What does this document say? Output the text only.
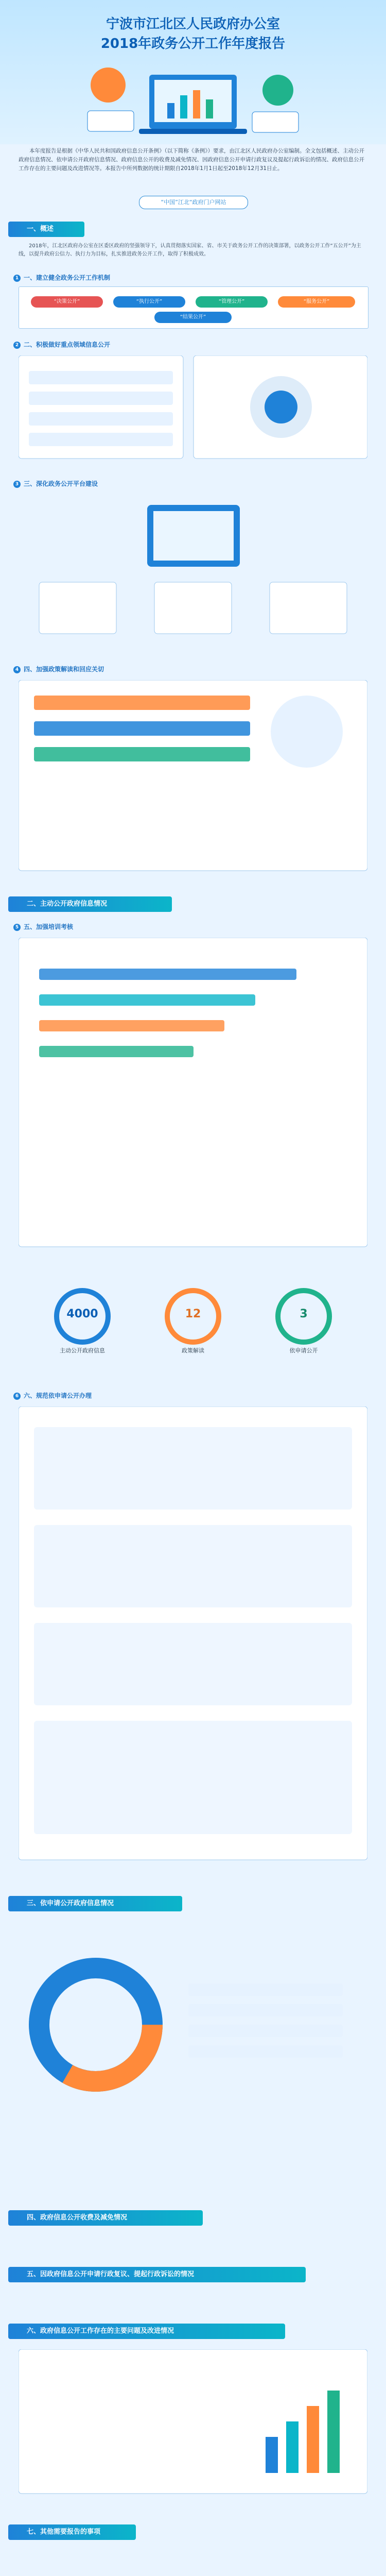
宁波市江北区人民政府办公室
2018年政务公开工作年度报告
本年度报告是根据《中华人民共和国政府信息公开条例》（以下简称《条例》）要求，由江北区人民政府办公室编制。全文包括概述、主动公开政府信息情况、依申请公开政府信息情况、政府信息公开的收费及减免情况、因政府信息公开申请行政复议及提起行政诉讼的情况、政府信息公开工作存在的主要问题及改进情况等。本报告中所列数据的统计期限自2018年1月1日起至2018年12月31日止。
“中国”江北“政府门户网站
一、概述
2018年，江北区政府办公室在区委区政府的坚强领导下，认真贯彻落实国家、省、市关于政务公开工作的决策部署，以政务公开工作“五公开”为主线，以提升政府公信力、执行力为目标，扎实推进政务公开工作，取得了积极成效。
1 一、建立健全政务公开工作机制
“决策公开”	“执行公开”	“管理公开”	“服务公开”
“结果公开”
2 二、积极做好重点领域信息公开
3 三、深化政务公开平台建设
4 四、加强政策解读和回应关切
二、主动公开政府信息情况
5 五、加强培训考核
4000
主动公开政府信息
12
政策解读
3
依申请公开
6 六、规范依申请公开办理
三、依申请公开政府信息情况
四、政府信息公开收费及减免情况
五、因政府信息公开申请行政复议、提起行政诉讼的情况
六、政府信息公开工作存在的主要问题及改进情况
七、其他需要报告的事项
